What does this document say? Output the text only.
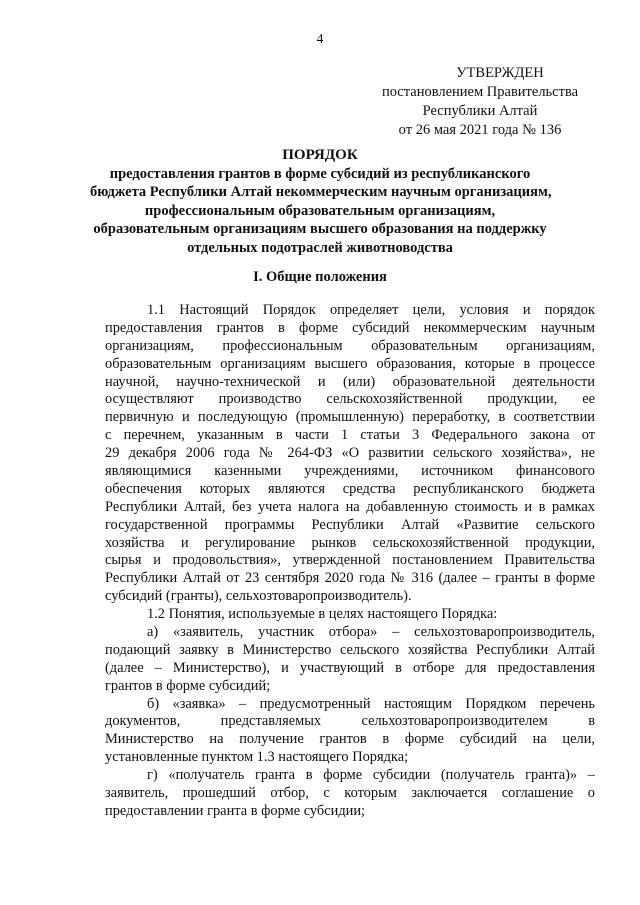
4
УТВЕРЖДЕН
постановлением Правительства
Республики Алтай
от 26 мая 2021 года № 136
ПОРЯДОК
предоставления грантов в форме субсидий из республиканского
бюджета Республики Алтай некоммерческим научным организациям,
профессиональным образовательным организациям,
образовательным организациям высшего образования на поддержку
отдельных подотраслей животноводства
I. Общие положения
1.1 Настоящий Порядок определяет цели, условия и порядок
предоставления грантов в форме субсидий некоммерческим научным
организациям, профессиональным образовательным организациям,
образовательным организациям высшего образования, которые в процессе
научной, научно-технической и (или) образовательной деятельности
осуществляют производство сельскохозяйственной продукции, ее
первичную и последующую (промышленную) переработку, в соответствии
с перечнем, указанным в части 1 статьи 3 Федерального закона от
29 декабря 2006 года № 264-ФЗ «О развитии сельского хозяйства», не
являющимися казенными учреждениями, источником финансового
обеспечения которых являются средства республиканского бюджета
Республики Алтай, без учета налога на добавленную стоимость и в рамках
государственной программы Республики Алтай «Развитие сельского
хозяйства и регулирование рынков сельскохозяйственной продукции,
сырья и продовольствия», утвержденной постановлением Правительства
Республики Алтай от 23 сентября 2020 года № 316 (далее – гранты в форме
субсидий (гранты), сельхозтоваропроизводитель).
1.2 Понятия, используемые в целях настоящего Порядка:
а) «заявитель, участник отбора» – сельхозтоваропроизводитель,
подающий заявку в Министерство сельского хозяйства Республики Алтай
(далее – Министерство), и участвующий в отборе для предоставления
грантов в форме субсидий;
б) «заявка» – предусмотренный настоящим Порядком перечень
документов, представляемых сельхозтоваропроизводителем в
Министерство на получение грантов в форме субсидий на цели,
установленные пунктом 1.3 настоящего Порядка;
г) «получатель гранта в форме субсидии (получатель гранта)» –
заявитель, прошедший отбор, с которым заключается соглашение о
предоставлении гранта в форме субсидии;
